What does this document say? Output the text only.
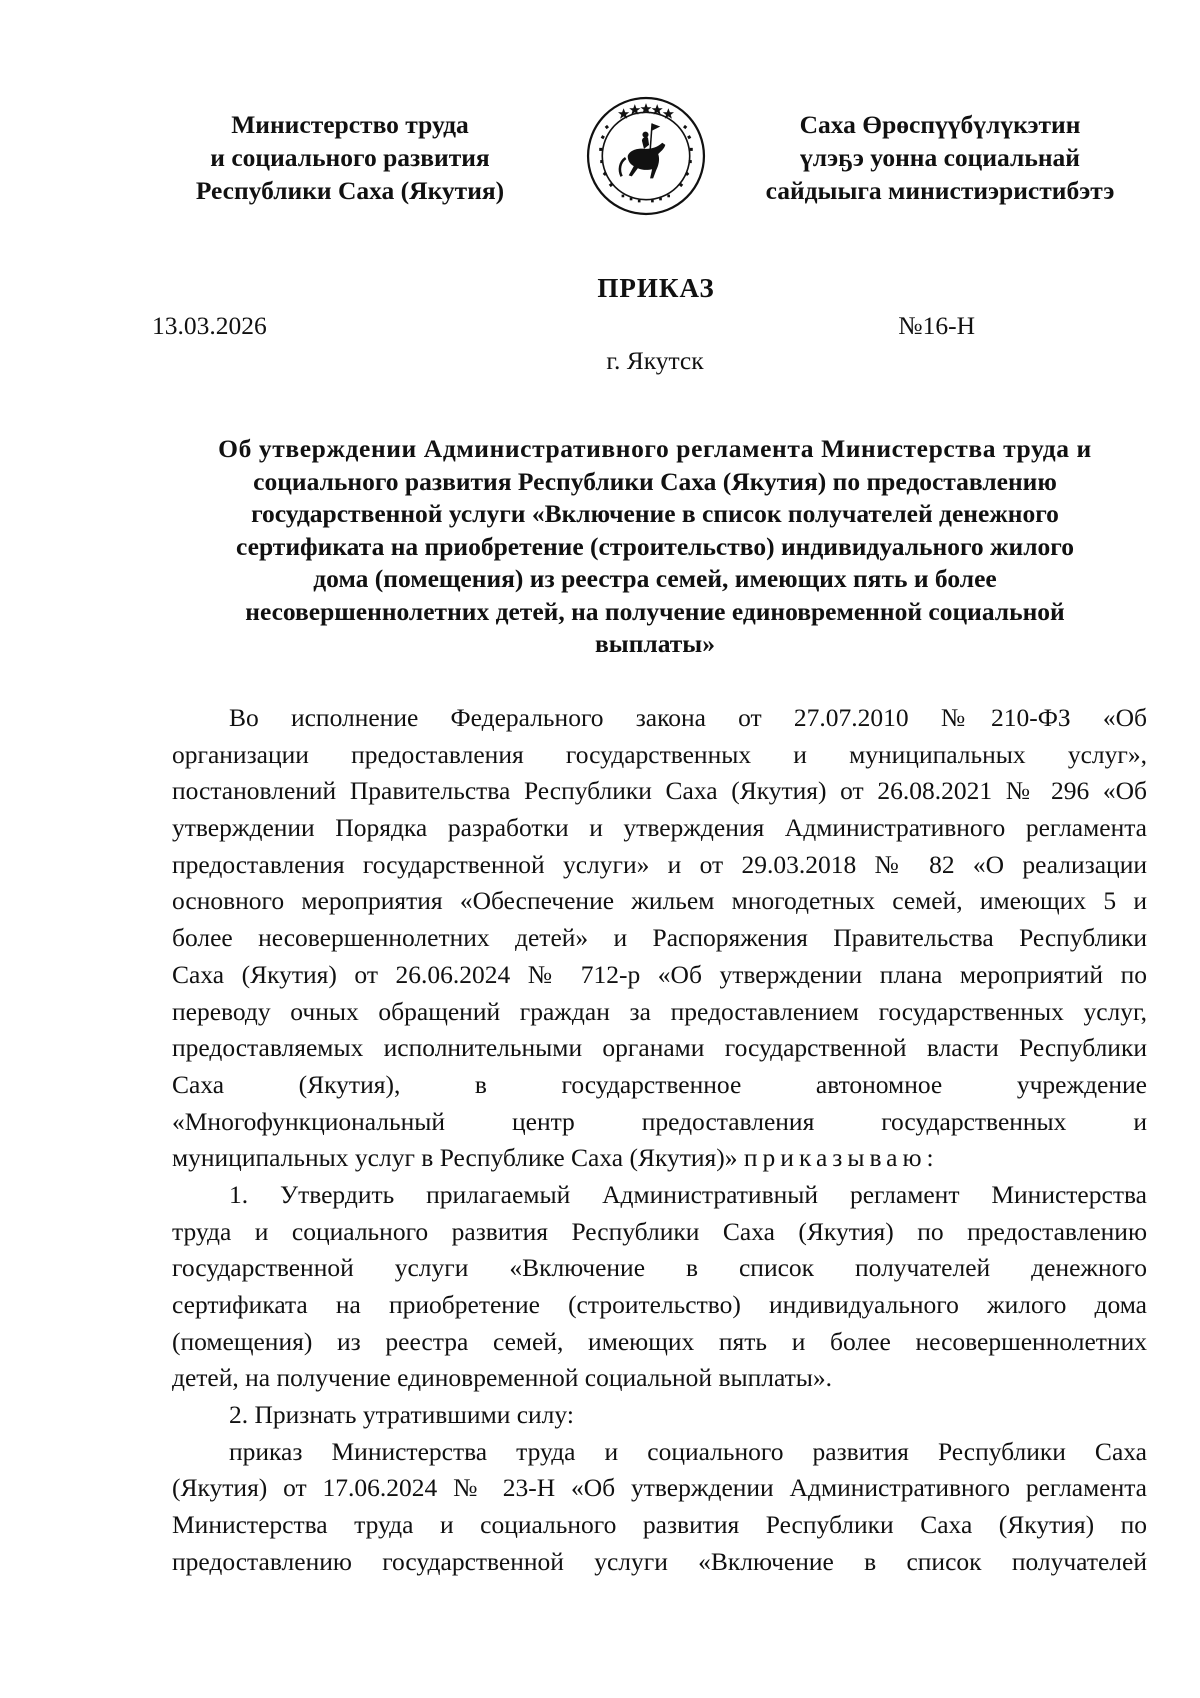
Министерство труда
и социального развития
Республики Саха (Якутия)
Саха Өрөспүүбүлүкэтин
үлэҕэ уонна социальнай
сайдыыга министиэристибэтэ
ПРИКАЗ
13.03.2026	№16-Н
г. Якутск
Об утверждении Административного регламента Министерства труда и
социального развития Республики Саха (Якутия) по предоставлению
государственной услуги «Включение в список получателей денежного
сертификата на приобретение (строительство) индивидуального жилого
дома (помещения) из реестра семей, имеющих пять и более
несовершеннолетних детей, на получение единовременной социальной
выплаты»
Во исполнение Федерального закона от 27.07.2010 №210-ФЗ «Об
организации предоставления государственных и муниципальных услуг»,
постановлений Правительства Республики Саха (Якутия) от 26.08.2021 № 296 «Об
утверждении Порядка разработки и утверждения Административного регламента
предоставления государственной услуги» и от 29.03.2018 № 82 «О реализации
основного мероприятия «Обеспечение жильем многодетных семей, имеющих 5 и
более несовершеннолетних детей» и Распоряжения Правительства Республики
Саха (Якутия) от 26.06.2024 № 712-р «Об утверждении плана мероприятий по
переводу очных обращений граждан за предоставлением государственных услуг,
предоставляемых исполнительными органами государственной власти Республики
Саха (Якутия), в государственное автономное учреждение
«Многофункциональный центр предоставления государственных и
муниципальных услуг в Республике Саха (Якутия)» приказываю:
1. Утвердить прилагаемый Административный регламент Министерства
труда и социального развития Республики Саха (Якутия) по предоставлению
государственной услуги «Включение в список получателей денежного
сертификата на приобретение (строительство) индивидуального жилого дома
(помещения) из реестра семей, имеющих пять и более несовершеннолетних
детей, на получение единовременной социальной выплаты».
2. Признать утратившими силу:
приказ Министерства труда и социального развития Республики Саха
(Якутия) от 17.06.2024 № 23-Н «Об утверждении Административного регламента
Министерства труда и социального развития Республики Саха (Якутия) по
предоставлению государственной услуги «Включение в список получателей
